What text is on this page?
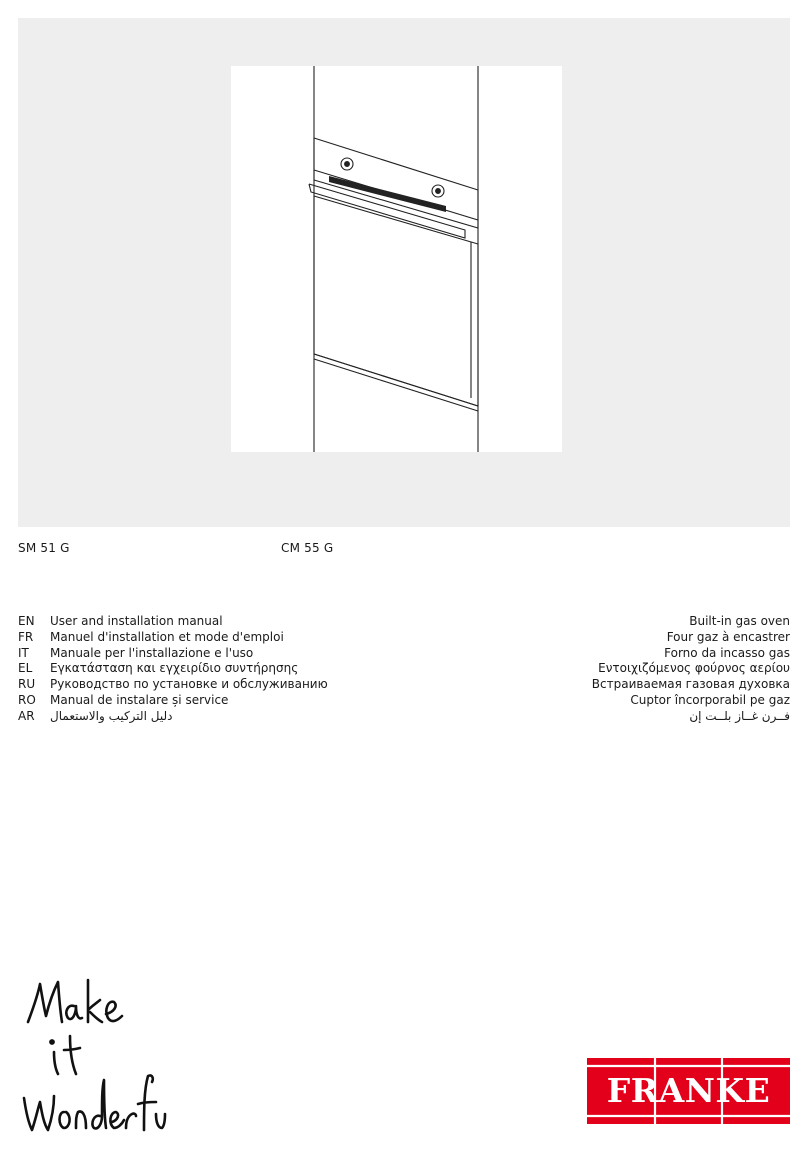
SM 51 G	CM 55 G
EN	User and installation manual	Built-in gas oven
FR	Manuel d'installation et mode d'emploi	Four gaz à encastrer
IT	Manuale per l'installazione e l'uso	Forno da incasso gas
EL	Εγκατάσταση και εγχειρίδιο συντήρησης	Εντοιχιζόμενος φούρνος αερίου
RU	Руководство по установке и обслуживанию	Встраиваемая газовая духовка
RO	Manual de instalare și service	Cuptor încorporabil pe gaz
AR	دليل التركيب والاستعمال	فــرن غــاز بلــت إن
FRANKE
